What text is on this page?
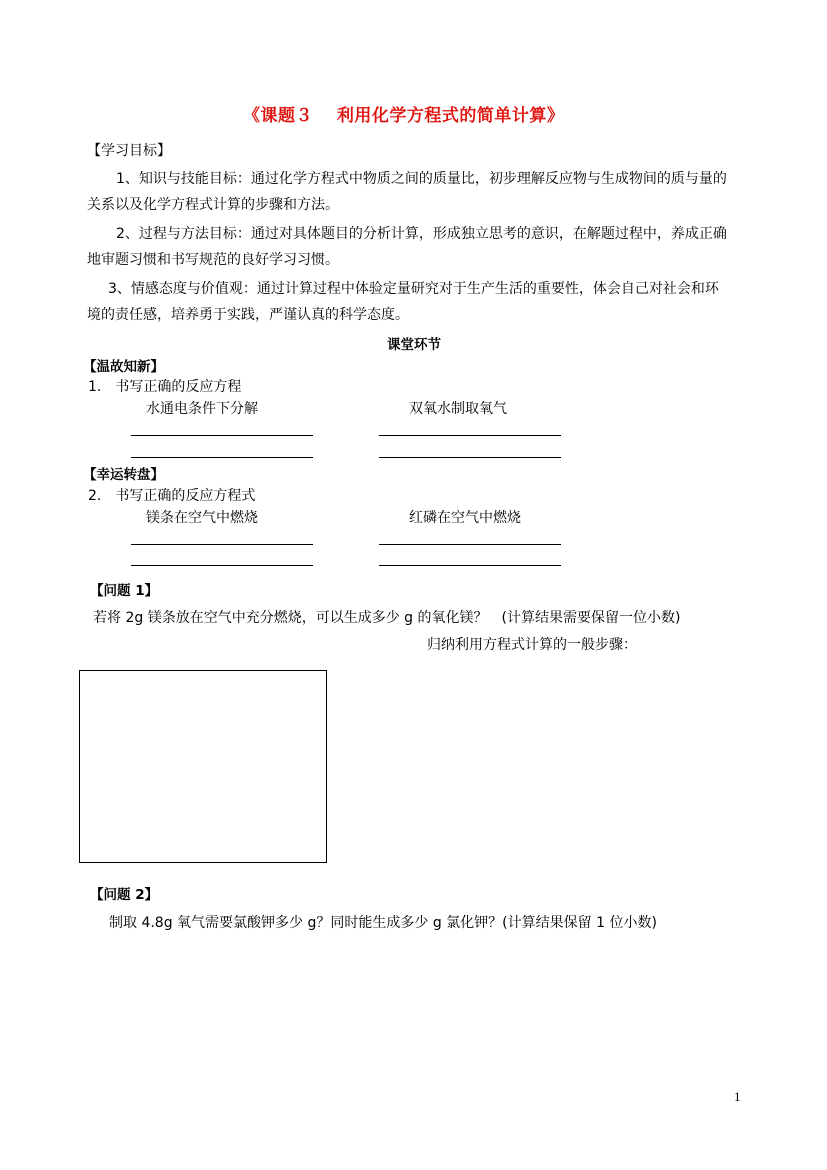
《课题３　 利用化学方程式的简单计算》
【学习目标】
1、知识与技能目标：通过化学方程式中物质之间的质量比，初步理解反应物与生成物间的质与量的
关系以及化学方程式计算的步骤和方法。
2、过程与方法目标：通过对具体题目的分析计算，形成独立思考的意识，在解题过程中，养成正确
地审题习惯和书写规范的良好学习习惯。
3、情感态度与价值观：通过计算过程中体验定量研究对于生产生活的重要性，体会自己对社会和环
境的责任感，培养勇于实践，严谨认真的科学态度。
课堂环节
【温故知新】
1.　书写正确的反应方程
水通电条件下分解	双氧水制取氧气
【幸运转盘】
2.　书写正确的反应方程式
镁条在空气中燃烧	红磷在空气中燃烧
【问题 1】
若将 2g 镁条放在空气中充分燃烧，可以生成多少 g 的氧化镁？　(计算结果需要保留一位小数)
归纳利用方程式计算的一般步骤：
【问题 2】
制取 4.8g 氧气需要氯酸钾多少 g？同时能生成多少 g 氯化钾？(计算结果保留 1 位小数)
1
